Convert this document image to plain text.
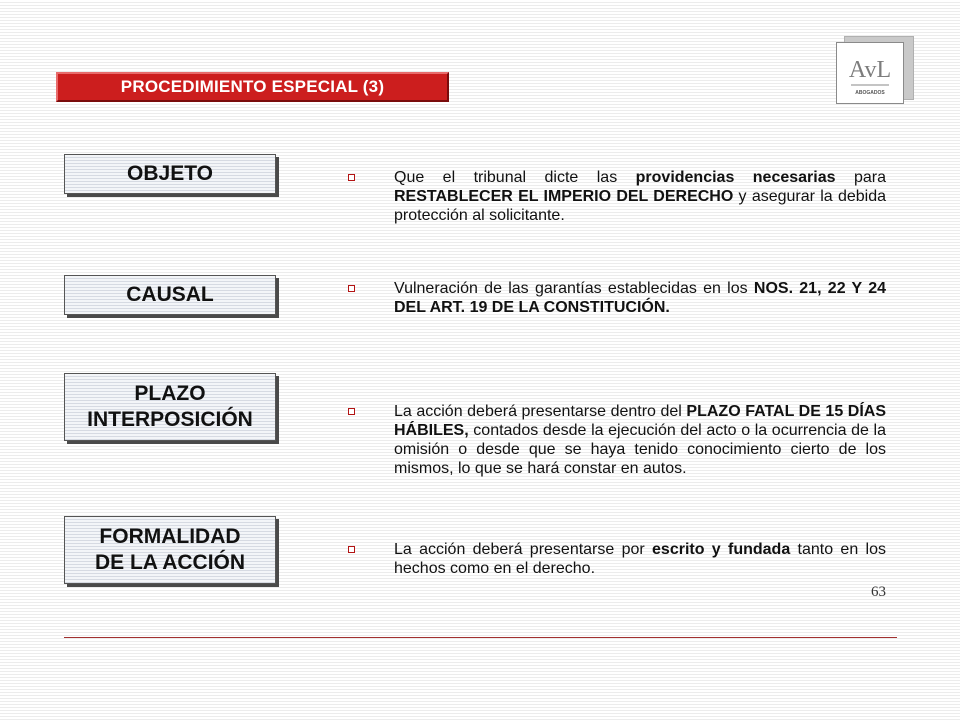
PROCEDIMIENTO ESPECIAL (3)
AvL
ABOGADOS
OBJETO
CAUSAL
PLAZO
INTERPOSICIÓN
FORMALIDAD
DE LA ACCIÓN
Que el tribunal dicte las providencias necesarias para RESTABLECER EL IMPERIO DEL DERECHO y asegurar la debida protección al solicitante.
Vulneración de las garantías establecidas en los NOS. 21, 22 Y 24 DEL ART. 19 DE LA CONSTITUCIÓN.
La acción deberá presentarse dentro del PLAZO FATAL DE 15 DÍAS HÁBILES, contados desde la ejecución del acto o la ocurrencia de la omisión o desde que se haya tenido conocimiento cierto de los mismos, lo que se hará constar en autos.
La acción deberá presentarse por escrito y fundada tanto en los hechos como en el derecho.
63
